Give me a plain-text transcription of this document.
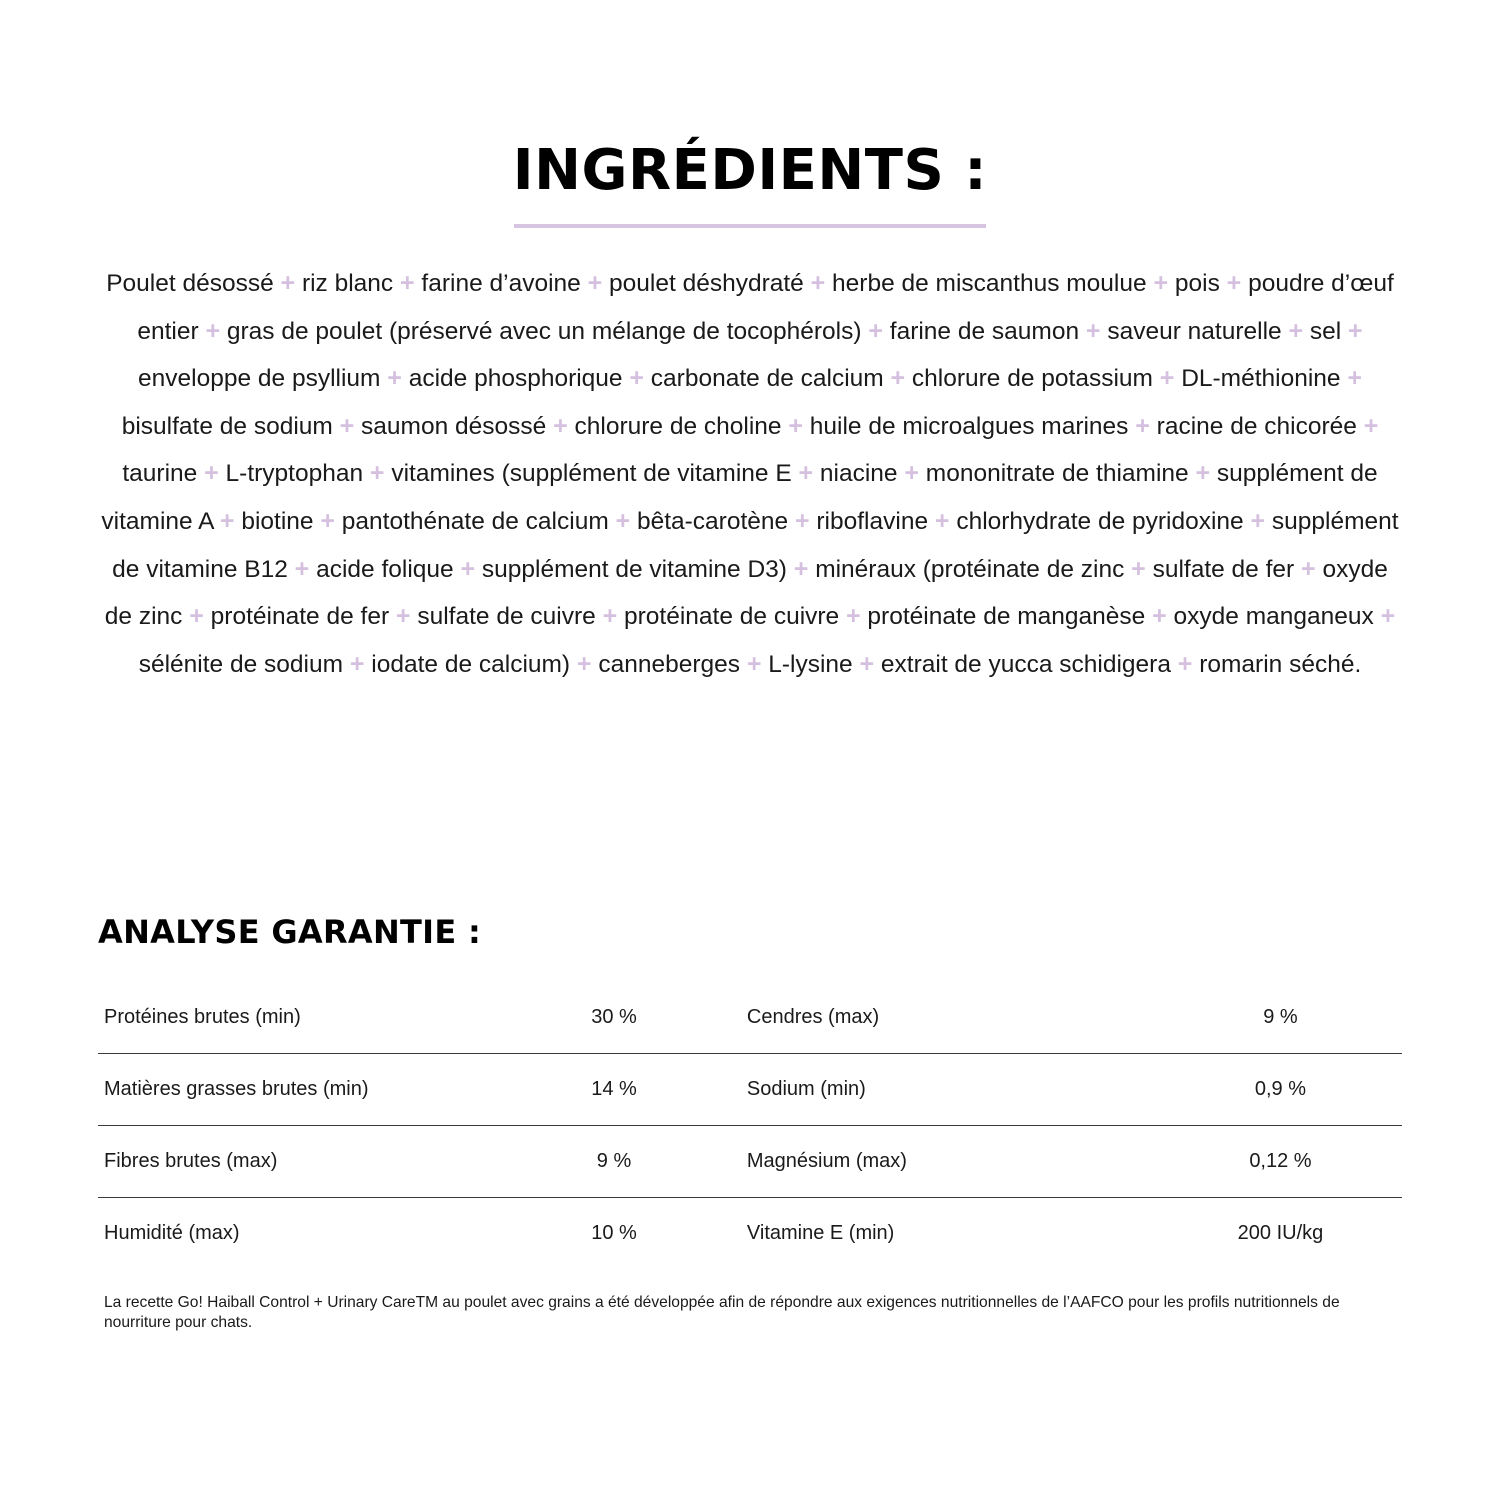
INGRÉDIENTS :

Poulet désossé + riz blanc + farine d’avoine + poulet déshydraté + herbe de miscanthus moulue + pois + poudre d’œuf entier + gras de poulet (préservé avec un mélange de tocophérols) + farine de saumon + saveur naturelle + sel + enveloppe de psyllium + acide phosphorique + carbonate de calcium + chlorure de potassium + DL-méthionine + bisulfate de sodium + saumon désossé + chlorure de choline + huile de microalgues marines + racine de chicorée + taurine + L-tryptophan + vitamines (supplément de vitamine E + niacine + mononitrate de thiamine + supplément de vitamine A + biotine + pantothénate de calcium + bêta-carotène + riboflavine + chlorhydrate de pyridoxine + supplément de vitamine B12 + acide folique + supplément de vitamine D3) + minéraux (protéinate de zinc + sulfate de fer + oxyde de zinc + protéinate de fer + sulfate de cuivre + protéinate de cuivre + protéinate de manganèse + oxyde manganeux + sélénite de sodium + iodate de calcium) + canneberges + L-lysine + extrait de yucca schidigera + romarin séché.

ANALYSE GARANTIE :
Protéines brutes (min)	30 %		Cendres (max)	9 %
Matières grasses brutes (min)	14 %		Sodium (min)	0,9 %
Fibres brutes (max)	9 %		Magnésium (max)	0,12 %
Humidité (max)	10 %		Vitamine E (min)	200 IU/kg

La recette Go! Haiball Control + Urinary CareTM au poulet avec grains a été développée afin de répondre aux exigences nutritionnelles de l’AAFCO pour les profils nutritionnels de nourriture pour chats.
